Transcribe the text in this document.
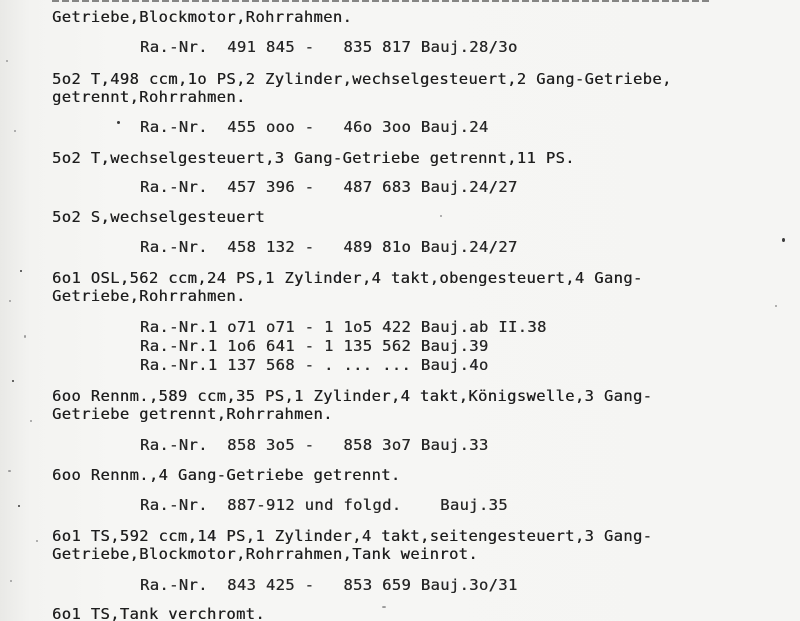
Getriebe,Blockmotor,Rohrrahmen.

Ra.-Nr.  491 845 -   835 817 Bauj.28/3o

5o2 T,498 ccm,1o PS,2 Zylinder,wechselgesteuert,2 Gang-Getriebe,

getrennt,Rohrrahmen.

Ra.-Nr.  455 ooo -   46o 3oo Bauj.24

5o2 T,wechselgesteuert,3 Gang-Getriebe getrennt,11 PS.

Ra.-Nr.  457 396 -   487 683 Bauj.24/27

5o2 S,wechselgesteuert

Ra.-Nr.  458 132 -   489 81o Bauj.24/27

6o1 OSL,562 ccm,24 PS,1 Zylinder,4 takt,obengesteuert,4 Gang-

Getriebe,Rohrrahmen.

Ra.-Nr.1 o71 o71 - 1 1o5 422 Bauj.ab II.38

Ra.-Nr.1 1o6 641 - 1 135 562 Bauj.39

Ra.-Nr.1 137 568 - . ... ... Bauj.4o

6oo Rennm.,589 ccm,35 PS,1 Zylinder,4 takt,Königswelle,3 Gang-

Getriebe getrennt,Rohrrahmen.

Ra.-Nr.  858 3o5 -   858 3o7 Bauj.33

6oo Rennm.,4 Gang-Getriebe getrennt.

Ra.-Nr.  887-912 und folgd.    Bauj.35

6o1 TS,592 ccm,14 PS,1 Zylinder,4 takt,seitengesteuert,3 Gang-

Getriebe,Blockmotor,Rohrrahmen,Tank weinrot.

Ra.-Nr.  843 425 -   853 659 Bauj.3o/31

6o1 TS,Tank verchromt.
